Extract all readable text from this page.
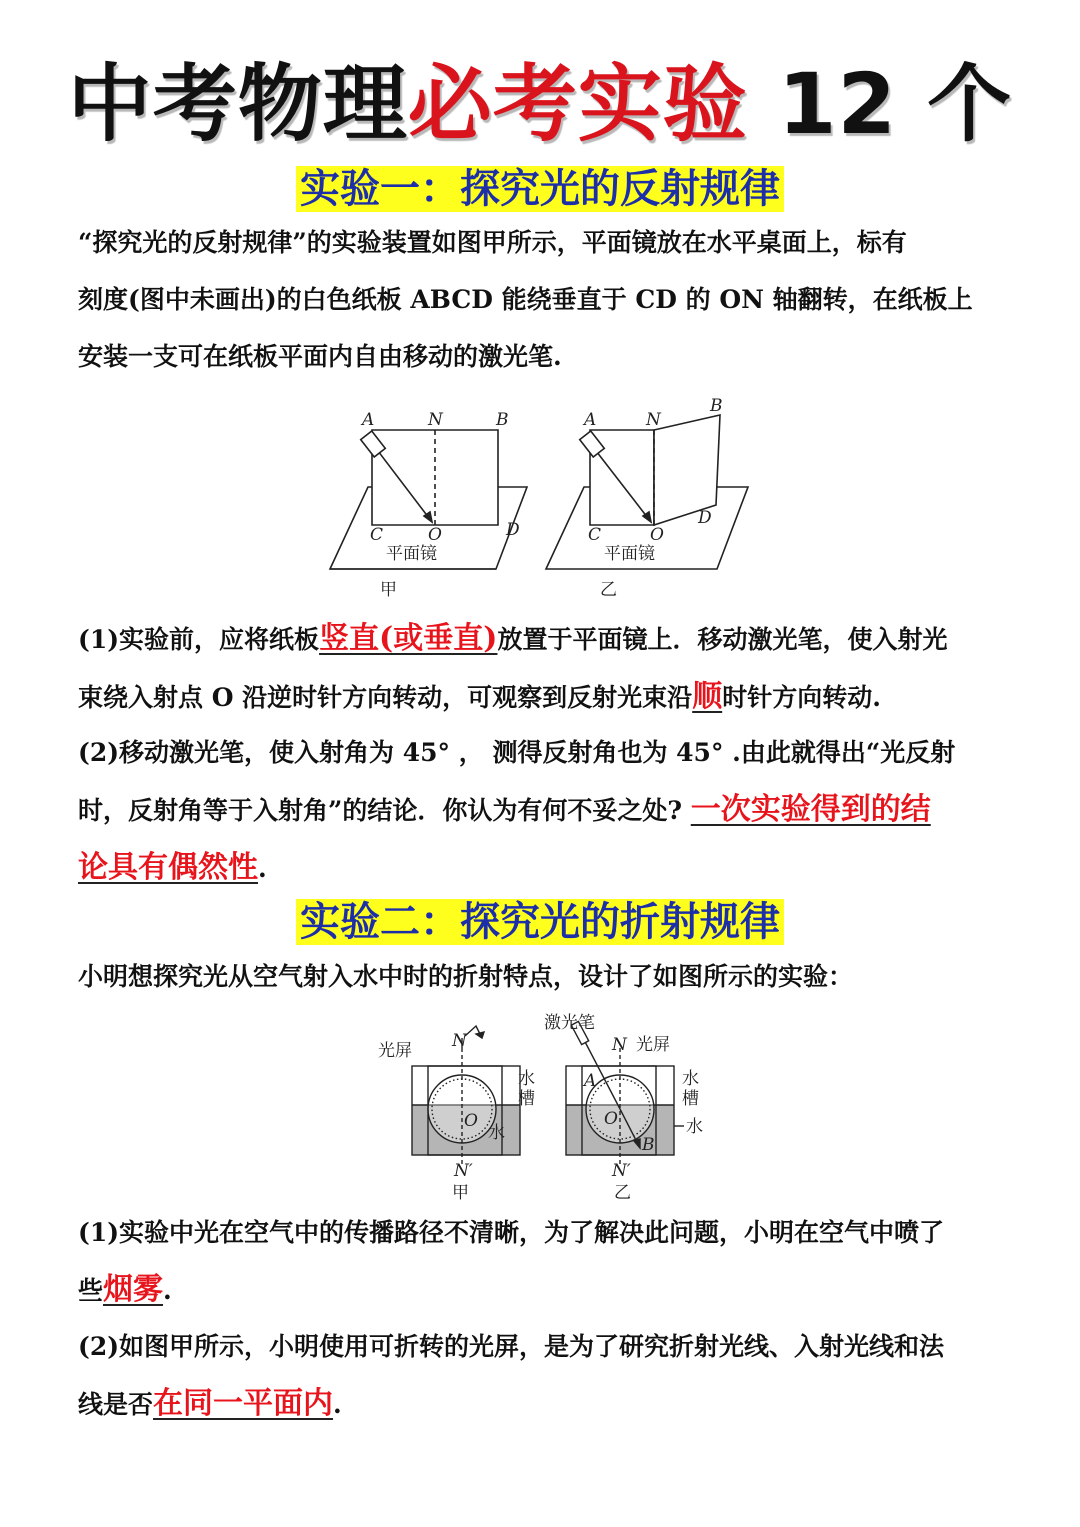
中考物理必考实验 12 个
实验一：探究光的反射规律
“探究光的反射规律”的实验装置如图甲所示，平面镜放在水平桌面上，标有
刻度(图中未画出)的白色纸板 ABCD 能绕垂直于 CD 的 ON 轴翻转，在纸板上
安装一支可在纸板平面内自由移动的激光笔.
A	N	B
C	O	D
平面镜
甲
A	N
B
C	O
D
平面镜
乙
(1)实验前，应将纸板竖直(或垂直)放置于平面镜上．移动激光笔，使入射光
束绕入射点 O 沿逆时针方向转动，可观察到反射光束沿顺时针方向转动.
(2)移动激光笔，使入射角为 45° ， 测得反射角也为 45° .由此就得出“光反射
时，反射角等于入射角”的结论．你认为有何不妥之处? 一次实验得到的结
论具有偶然性.
实验二：探究光的折射规律
小明想探究光从空气射入水中时的折射特点，设计了如图所示的实验：
光屏 N
水
槽
O
水
N′
甲
激光笔
N 光屏
A	水
槽
O	水
B
N′
乙
(1)实验中光在空气中的传播路径不清晰，为了解决此问题，小明在空气中喷了
些烟雾.
(2)如图甲所示，小明使用可折转的光屏，是为了研究折射光线、入射光线和法
线是否在同一平面内.
